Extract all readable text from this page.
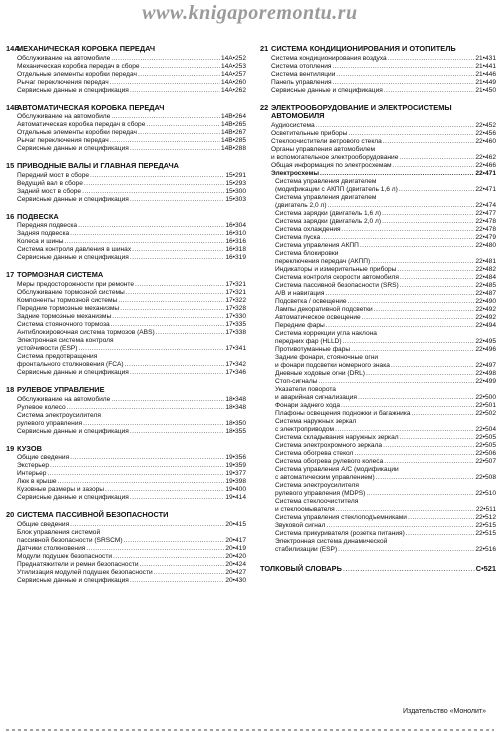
www.knigaporemontu.ru
14A
МЕХАНИЧЕСКАЯ КОРОБКА ПЕРЕДАЧ
Обслуживание на автомобиле .....	14A•252
Механическая коробка передач в сборе .....	14A•253
Отдельные элементы коробки передач .....	14A•257
Рычаг переключения передач .....	14A•260
Сервисные данные и спецификация .....	14A•262
14B
АВТОМАТИЧЕСКАЯ КОРОБКА ПЕРЕДАЧ
Обслуживание на автомобиле .....	14B•264
Автоматическая коробка передач в сборе .....	14B•265
Отдельные элементы коробки передач .....	14B•267
Рычаг переключения передач .....	14B•285
Сервисные данные и спецификация .....	14B•288
15 ПРИВОДНЫЕ ВАЛЫ И ГЛАВНАЯ ПЕРЕДАЧА
Передний мост в сборе .....	15•291
Ведущий вал в сборе .....	15•293
Задний мост в сборе .....	15•300
Сервисные данные и спецификация .....	15•303
16 ПОДВЕСКА
Передняя подвеска .....	16•304
Задняя подвеска .....	16•310
Колеса и шины .....	16•316
Система контроля давления в шинах .....	16•318
Сервисные данные и спецификация .....	16•319
17 ТОРМОЗНАЯ СИСТЕМА
Меры предосторожности при ремонте .....	17•321
Обслуживание тормозной системы .....	17•321
Компоненты тормозной системы .....	17•322
Передние тормозные механизмы .....	17•328
Задние тормозные механизмы .....	17•330
Система стояночного тормоза .....	17•335
Антиблокировочная система тормозов (ABS) .....	17•338
Электронная система контроля
устойчивости (ESP) .....	17•341
Система предотвращения
фронтального столкновения (FCA) .....	17•342
Сервисные данные и спецификация .....	17•346
18 РУЛЕВОЕ УПРАВЛЕНИЕ
Обслуживание на автомобиле .....	18•348
Рулевое колесо .....	18•348
Система электроусилителя
рулевого управления .....	18•350
Сервисные данные и спецификация .....	18•355
19 КУЗОВ
Общие сведения .....	19•356
Экстерьер .....	19•359
Интерьер .....	19•377
Люк в крыше .....	19•398
Кузовные размеры и зазоры .....	19•400
Сервисные данные и спецификация .....	19•414
20 СИСТЕМА ПАССИВНОЙ БЕЗОПАСНОСТИ
Общие сведения .....	20•415
Блок управления системой
пассивной безопасности (SRSCM) .....	20•417
Датчики столкновения .....	20•419
Модули подушек безопасности .....	20•420
Преднатяжители и ремни безопасности .....	20•424
Утилизация модулей подушек безопасности .....	20•427
Сервисные данные и спецификация .....	20•430
21 СИСТЕМА КОНДИЦИОНИРОВАНИЯ И ОТОПИТЕЛЬ
Система кондиционирования воздуха .....	21•431
Система отопления .....	21•441
Система вентиляции .....	21•446
Панель управления .....	21•449
Сервисные данные и спецификация .....	21•450
22 ЭЛЕКТРООБОРУДОВАНИЕ И ЭЛЕКТРОСИСТЕМЫ АВТОМОБИЛЯ
Аудиосистема .....	22•452
Осветительные приборы .....	22•456
Стеклоочистители ветрового стекла .....	22•460
Органы управления автомобилем
и вспомогательное электрооборудование .....	22•462
Общая информация по электросхемам .....	22•466
Электросхемы .....	22•471
Система управления двигателем
(модификации с АКПП (двигатель 1,6 л) .....	22•471
Система управления двигателем
(двигатель 2,0 л) .....	22•474
Система зарядки (двигатель 1,6 л) .....	22•477
Система зарядки (двигатель 2,0 л) .....	22•478
Система охлаждения .....	22•478
Система пуска .....	22•479
Система управления АКПП .....	22•480
Система блокировки
переключения передач (АКПП) .....	22•481
Индикаторы и измерительные приборы .....	22•482
Система контроля скорости автомобиля .....	22•484
Система пассивной безопасности (SRS) .....	22•485
A/B и навигация .....	22•487
Подсветка / освещение .....	22•490
Лампы декоративной подсветки .....	22•492
Автоматическое освещение .....	22•492
Передние фары .....	22•494
Система коррекции угла наклона
передних фар (HLLD) .....	22•495
Противотуманные фары .....	22•496
Задние фонари, стояночные огни
и фонари подсветки номерного знака .....	22•497
Дневные ходовые огни (DRL) .....	22•498
Стоп-сигналы .....	22•499
Указатели поворота
и аварийная сигнализация .....	22•500
Фонари заднего хода .....	22•501
Плафоны освещения подножки и багажника .....	22•502
Система наружных зеркал
с электроприводом .....	22•504
Система складывания наружных зеркал .....	22•505
Система электрохромного зеркала .....	22•505
Система обогрева стекол .....	22•506
Система обогрева рулевого колеса .....	22•507
Система управления A/C (модификации
с автоматическим управлением) .....	22•508
Система электроусилителя
рулевого управления (MDPS) .....	22•510
Система стеклоочистителя
и стеклоомывателя .....	22•511
Система управления стеклоподъемниками .....	22•512
Звуковой сигнал .....	22•515
Система прикуривателя (розетка питания) .....	22•515
Электронная система динамической
стабилизации (ESP) .....	22•516
ТОЛКОВЫЙ СЛОВАРЬ .....	С•521
Издательство «Монолит»
